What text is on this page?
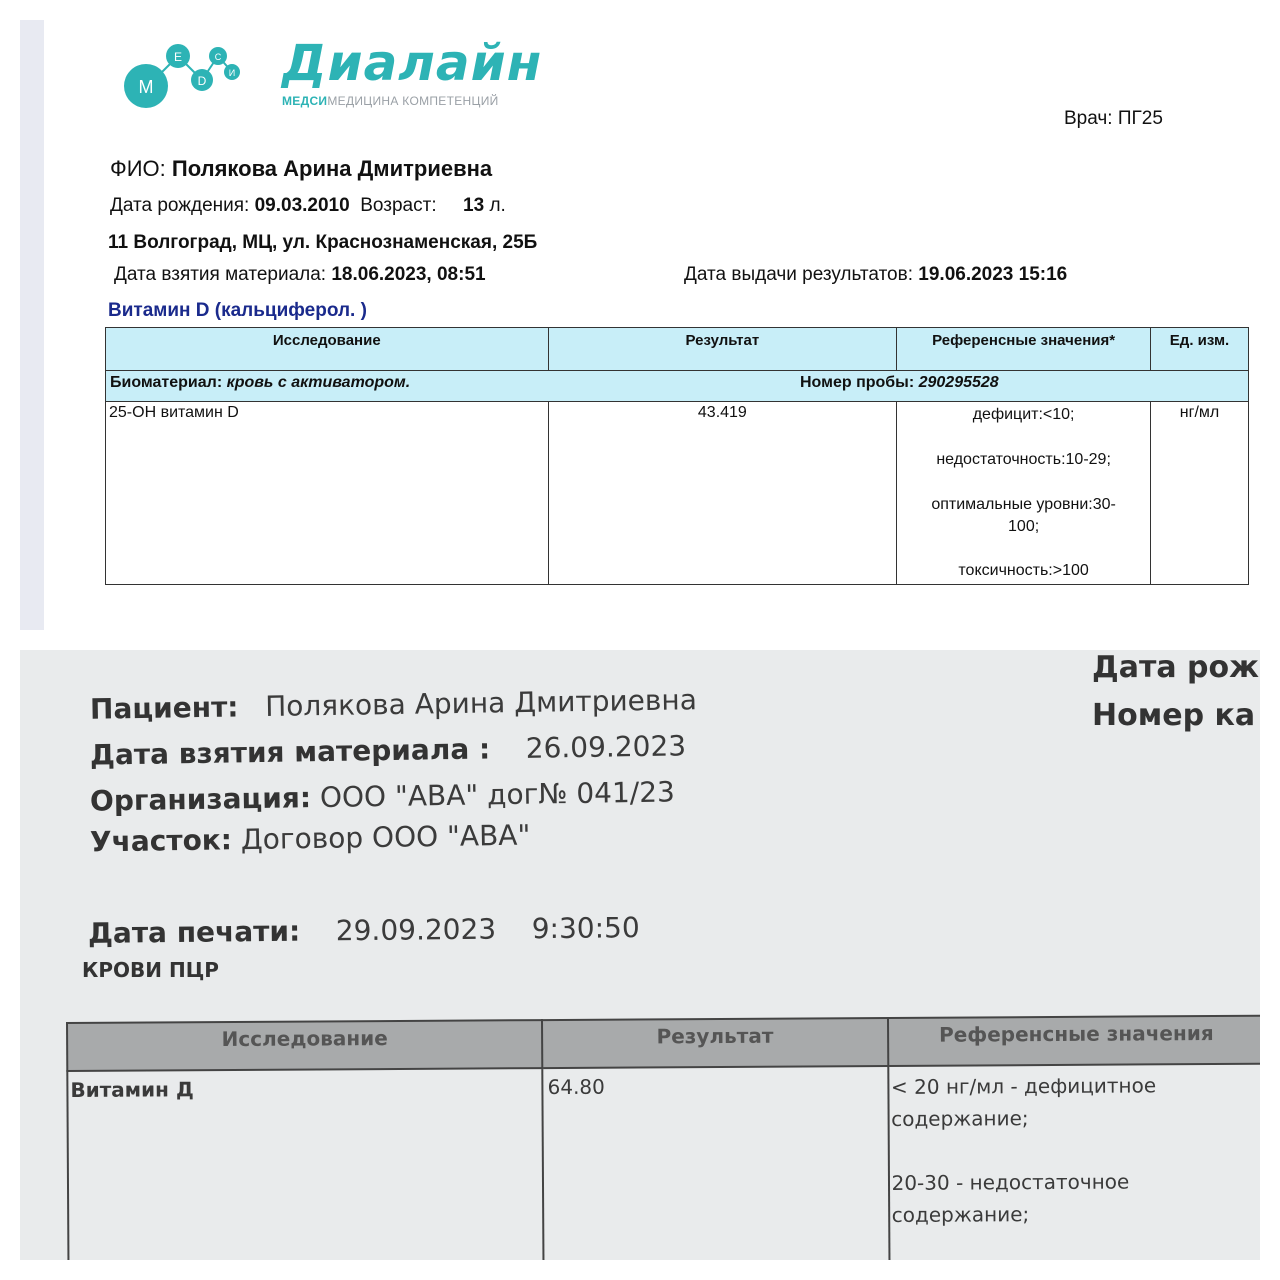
M
E
D
C
И Диалайн
МЕДСИМЕДИЦИНА КОМПЕТЕНЦИЙ
Врач: ПГ25
ФИО: Полякова Арина Дмитриевна
Дата рождения: 09.03.2010 Возраст: 13 л.
11 Волгоград, МЦ, ул. Краснознаменская, 25Б
Дата взятия материала: 18.06.2023, 08:51	Дата выдачи результатов: 19.06.2023 15:16
Витамин D (кальциферол. )
Исследование	Результат	Референсные значения*	Ед. изм.

Биоматериал: кровь с активатором. Номер пробы: 290295528			

25-ОН витамин D	43.419	дефицит:<10;
недостаточность:10-29;
оптимальные уровни:30-100;
токсичность:>100	нг/мл
Дата рож
Номер ка
Пациент: Полякова Арина Дмитриевна
Дата взятия материала : 26.09.2023
Организация: ООО "АВА" дог№ 041/23
Участок: Договор ООО "АВА"
Дата печати: 29.09.2023 9:30:50
КРОВИ ПЦР
Исследование	Результат	Референсные значения
Витамин Д	64.80	< 20 нг/мл - дефицитное содержание;
20-30 - недостаточное содержание;
